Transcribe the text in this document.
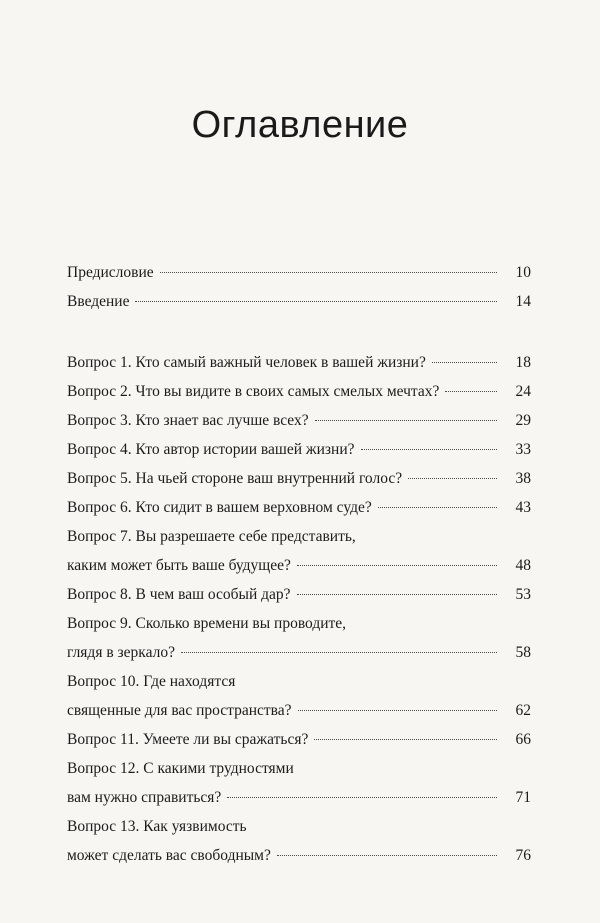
Оглавление
Предисловие	10
Введение	14
Вопрос 1. Кто самый важный человек в вашей жизни?	18
Вопрос 2. Что вы видите в своих самых смелых мечтах?	24
Вопрос 3. Кто знает вас лучше всех?	29
Вопрос 4. Кто автор истории вашей жизни?	33
Вопрос 5. На чьей стороне ваш внутренний голос?	38
Вопрос 6. Кто сидит в вашем верховном суде?	43
Вопрос 7. Вы разрешаете себе представить,
каким может быть ваше будущее?	48
Вопрос 8. В чем ваш особый дар?	53
Вопрос 9. Сколько времени вы проводите,
глядя в зеркало?	58
Вопрос 10. Где находятся
священные для вас пространства?	62
Вопрос 11. Умеете ли вы сражаться?	66
Вопрос 12. С какими трудностями
вам нужно справиться?	71
Вопрос 13. Как уязвимость
может сделать вас свободным?	76
